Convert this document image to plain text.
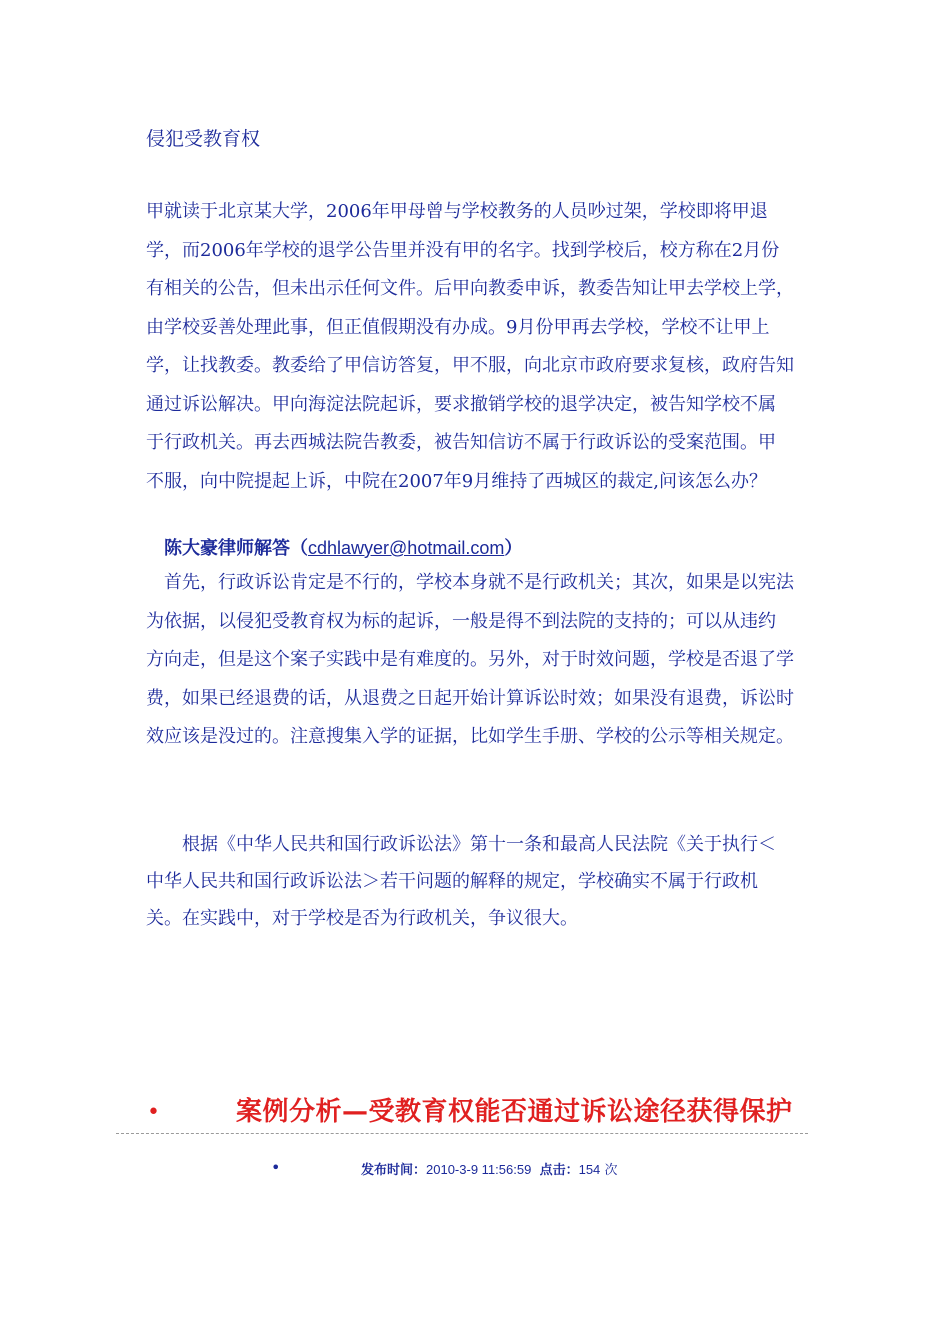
侵犯受教育权
甲就读于北京某大学，2006年甲母曾与学校教务的人员吵过架，学校即将甲退
学，而2006年学校的退学公告里并没有甲的名字。找到学校后，校方称在2月份
有相关的公告，但未出示任何文件。后甲向教委申诉，教委告知让甲去学校上学，
由学校妥善处理此事，但正值假期没有办成。9月份甲再去学校，学校不让甲上
学，让找教委。教委给了甲信访答复，甲不服，向北京市政府要求复核，政府告知
通过诉讼解决。甲向海淀法院起诉，要求撤销学校的退学决定，被告知学校不属
于行政机关。再去西城法院告教委，被告知信访不属于行政诉讼的受案范围。甲
不服，向中院提起上诉，中院在2007年9月维持了西城区的裁定,问该怎么办？
陈大豪律师解答（cdhlawyer@hotmail.com）
首先，行政诉讼肯定是不行的，学校本身就不是行政机关；其次，如果是以宪法
为依据，以侵犯受教育权为标的起诉，一般是得不到法院的支持的；可以从违约
方向走，但是这个案子实践中是有难度的。另外，对于时效问题，学校是否退了学
费，如果已经退费的话，从退费之日起开始计算诉讼时效；如果没有退费，诉讼时
效应该是没过的。注意搜集入学的证据，比如学生手册、学校的公示等相关规定。
根据《中华人民共和国行政诉讼法》第十一条和最高人民法院《关于执行＜
中华人民共和国行政诉讼法＞若干问题的解释的规定，学校确实不属于行政机
关。在实践中，对于学校是否为行政机关，争议很大。
•	案例分析—受教育权能否通过诉讼途径获得保护
•	发布时间：2010-3-9 11:56:59 点击：154 次
